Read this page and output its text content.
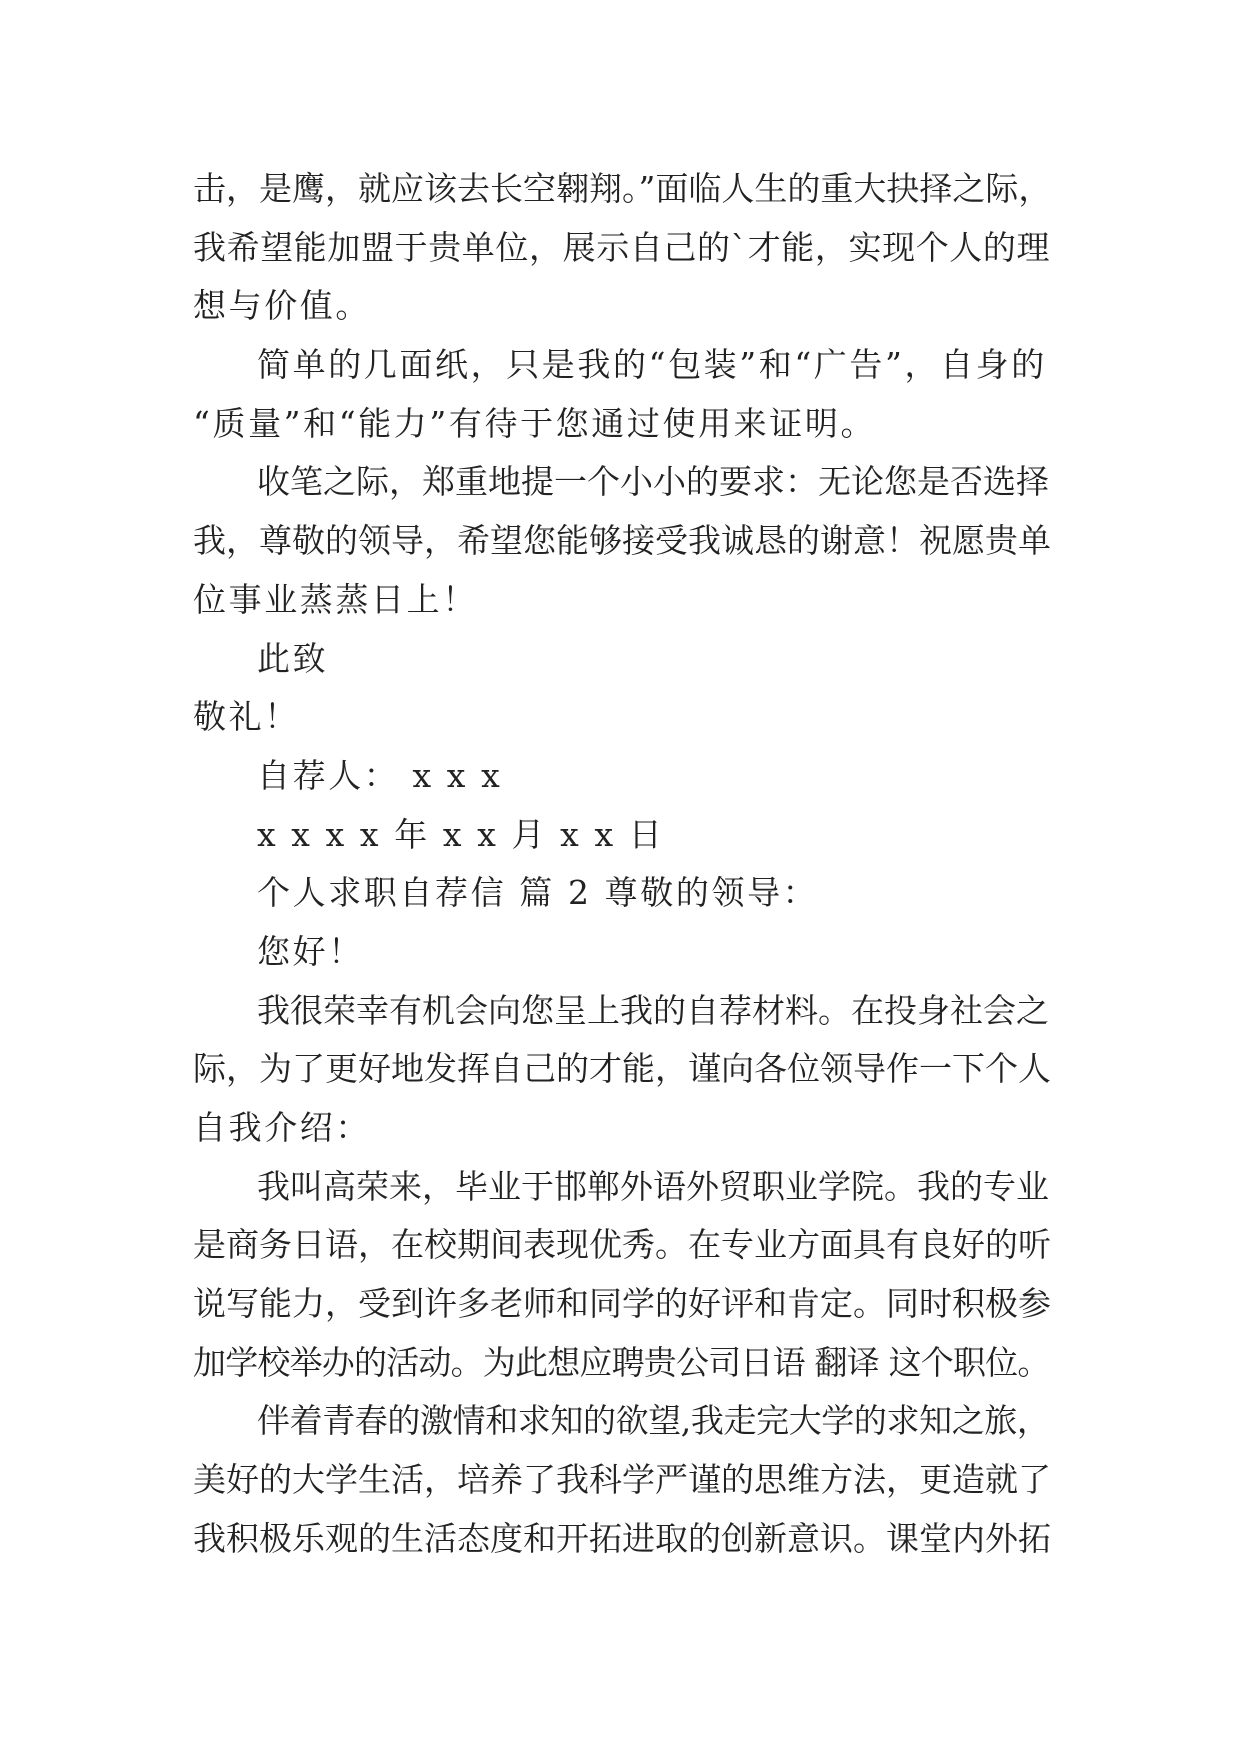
击，是鹰，就应该去长空翱翔。”面临人生的重大抉择之际，
我希望能加盟于贵单位，展示自己的`才能，实现个人的理
想与价值。
简单的几面纸，只是我的“包装”和“广告”，自身的
“质量”和“能力”有待于您通过使用来证明。
收笔之际，郑重地提一个小小的要求：无论您是否选择
我，尊敬的领导，希望您能够接受我诚恳的谢意！祝愿贵单
位事业蒸蒸日上！
此致
敬礼！
自荐人： x x x
x x x x 年 x x 月 x x 日
个人求职自荐信 篇 2 尊敬的领导：
您好！
我很荣幸有机会向您呈上我的自荐材料。在投身社会之
际，为了更好地发挥自己的才能，谨向各位领导作一下个人
自我介绍：
我叫高荣来，毕业于邯郸外语外贸职业学院。我的专业
是商务日语，在校期间表现优秀。在专业方面具有良好的听
说写能力，受到许多老师和同学的好评和肯定。同时积极参
加学校举办的活动。为此想应聘贵公司日语 翻译 这个职位。
伴着青春的激情和求知的欲望,我走完大学的求知之旅，
美好的大学生活，培养了我科学严谨的思维方法，更造就了
我积极乐观的生活态度和开拓进取的创新意识。课堂内外拓
